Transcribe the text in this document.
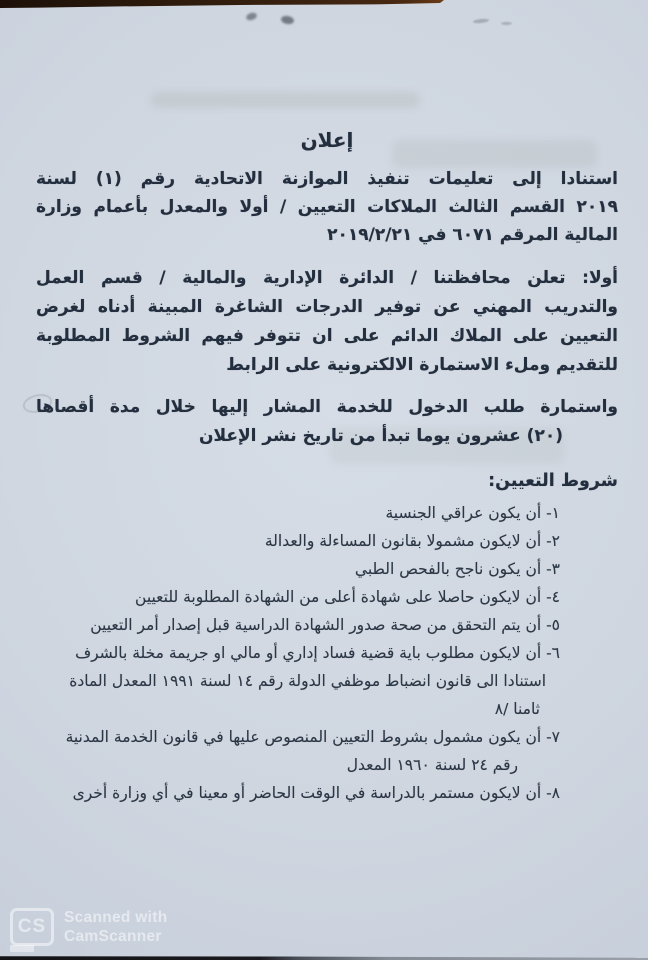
إعلان
استنادا إلى تعليمات تنفيذ الموازنة الاتحادية رقم (١) لسنة
٢٠١٩ القسم الثالث الملاكات التعيين / أولا والمعدل بأعمام وزارة
المالية المرقم ٦٠٧١ في ٢٠١٩/٢/٢١
أولا: تعلن محافظتنا / الدائرة الإدارية والمالية / قسم العمل
والتدريب المهني عن توفير الدرجات الشاغرة المبينة أدناه لغرض
التعيين على الملاك الدائم على ان تتوفر فيهم الشروط المطلوبة
للتقديم وملء الاستمارة الالكترونية على الرابط
واستمارة طلب الدخول للخدمة المشار إليها خلال مدة أقصاها
(٢٠) عشرون يوما تبدأ من تاريخ نشر الإعلان
شروط التعيين:
١- أن يكون عراقي الجنسية
٢- أن لايكون مشمولا بقانون المساءلة والعدالة
٣- أن يكون ناجح بالفحص الطبي
٤- أن لايكون حاصلا على شهادة أعلى من الشهادة المطلوبة للتعيين
٥- أن يتم التحقق من صحة صدور الشهادة الدراسية قبل إصدار أمر التعيين
٦- أن لايكون مطلوب باية قضية فساد إداري أو مالي او جريمة مخلة بالشرف
استنادا الى قانون انضباط موظفي الدولة رقم ١٤ لسنة ١٩٩١ المعدل المادة
ثامنا /٨
٧- أن يكون مشمول بشروط التعيين المنصوص عليها في قانون الخدمة المدنية
رقم ٢٤ لسنة ١٩٦٠ المعدل
٨- أن لايكون مستمر بالدراسة في الوقت الحاضر أو معينا في أي وزارة أخرى
CS Scanned with
CamScanner
